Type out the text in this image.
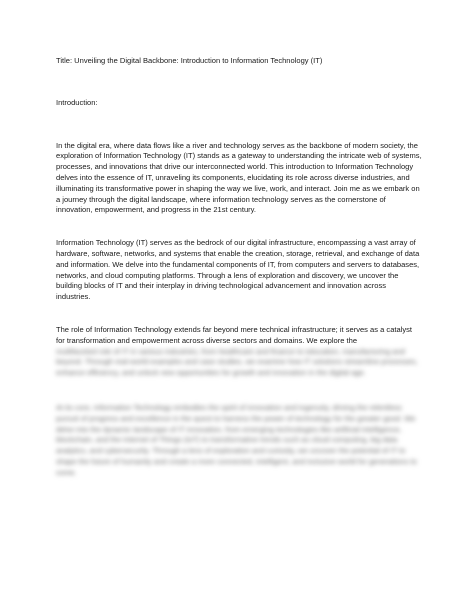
Title: Unveiling the Digital Backbone: Introduction to Information Technology (IT)

Introduction:

In the digital era, where data flows like a river and technology serves as the backbone of modern society, the exploration of Information Technology (IT) stands as a gateway to understanding the intricate web of systems, processes, and innovations that drive our interconnected world. This introduction to Information Technology delves into the essence of IT, unraveling its components, elucidating its role across diverse industries, and illuminating its transformative power in shaping the way we live, work, and interact. Join me as we embark on a journey through the digital landscape, where information technology serves as the cornerstone of innovation, empowerment, and progress in the 21st century.

Information Technology (IT) serves as the bedrock of our digital infrastructure, encompassing a vast array of hardware, software, networks, and systems that enable the creation, storage, retrieval, and exchange of data and information. We delve into the fundamental components of IT, from computers and servers to databases, networks, and cloud computing platforms. Through a lens of exploration and discovery, we uncover the building blocks of IT and their interplay in driving technological advancement and innovation across industries.

The role of Information Technology extends far beyond mere technical infrastructure; it serves as a catalyst for transformation and empowerment across diverse sectors and domains. We explore the

multifaceted role of IT in various industries, from healthcare and finance to education, manufacturing and beyond. Through real-world examples and case studies, we examine how IT solutions streamline processes, enhance efficiency, and unlock new opportunities for growth and innovation in the digital age.

At its core, Information Technology embodies the spirit of innovation and ingenuity, driving the relentless pursuit of progress and excellence in the quest to harness the power of technology for the greater good. We delve into the dynamic landscape of IT innovation, from emerging technologies like artificial intelligence, blockchain, and the Internet of Things (IoT) to transformative trends such as cloud computing, big data analytics, and cybersecurity. Through a lens of exploration and curiosity, we uncover the potential of IT to shape the future of humanity and create a more connected, intelligent, and inclusive world for generations to come.
